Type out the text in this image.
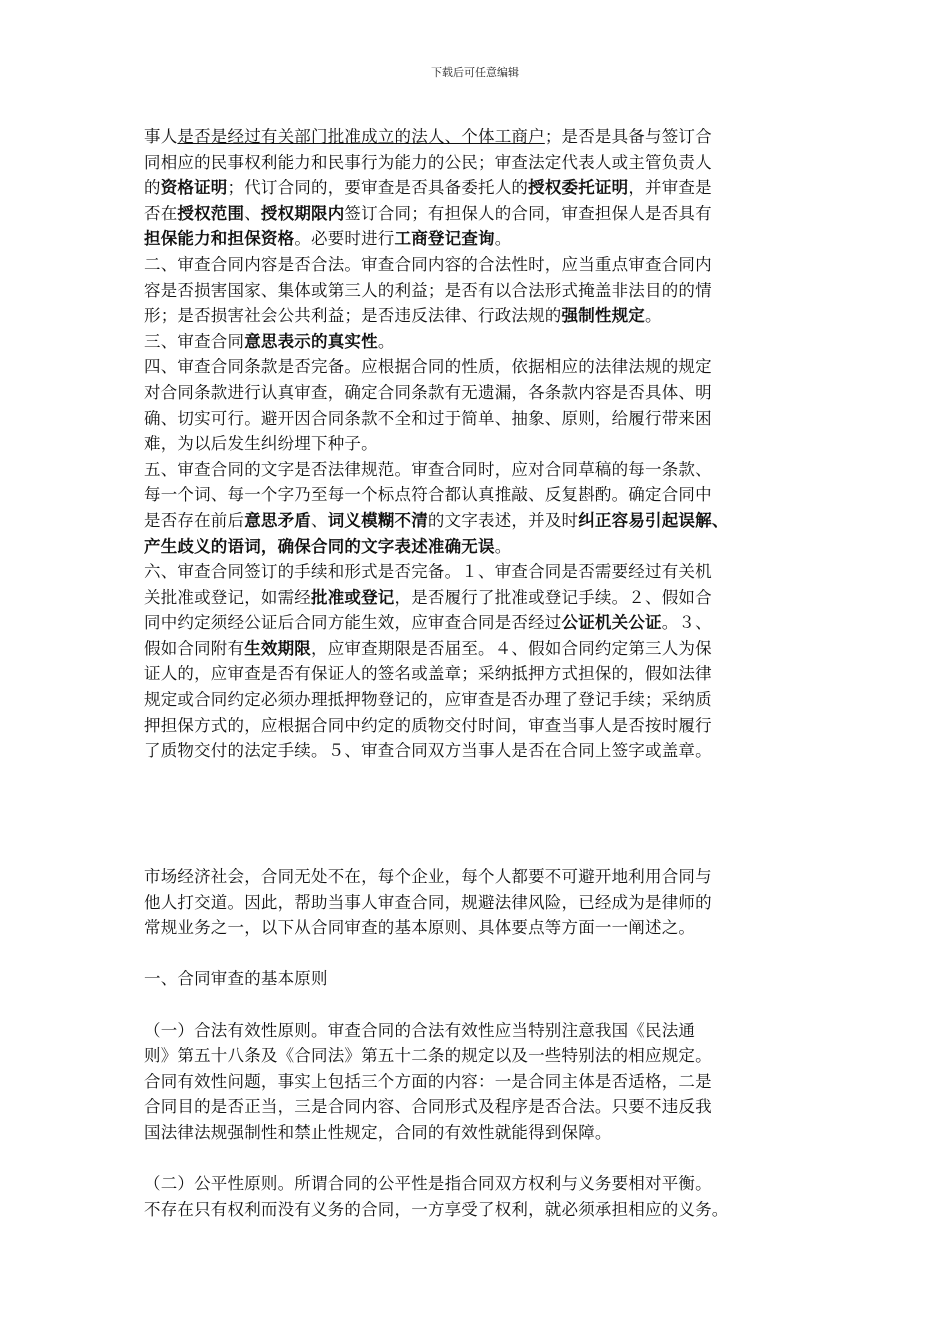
下载后可任意编辑

事人是否是经过有关部门批准成立的法人、个体工商户；是否是具备与签订合

同相应的民事权利能力和民事行为能力的公民；审查法定代表人或主管负责人

的资格证明；代订合同的，要审查是否具备委托人的授权委托证明，并审查是

否在授权范围、授权期限内签订合同；有担保人的合同，审查担保人是否具有

担保能力和担保资格。必要时进行工商登记查询。

二、审查合同内容是否合法。审查合同内容的合法性时，应当重点审查合同内

容是否损害国家、集体或第三人的利益；是否有以合法形式掩盖非法目的的情

形；是否损害社会公共利益；是否违反法律、行政法规的强制性规定。

三、审查合同意思表示的真实性。

四、审查合同条款是否完备。应根据合同的性质，依据相应的法律法规的规定

对合同条款进行认真审查，确定合同条款有无遗漏，各条款内容是否具体、明

确、切实可行。避开因合同条款不全和过于简单、抽象、原则，给履行带来困

难，为以后发生纠纷埋下种子。

五、审查合同的文字是否法律规范。审查合同时，应对合同草稿的每一条款、

每一个词、每一个字乃至每一个标点符合都认真推敲、反复斟酌。确定合同中

是否存在前后意思矛盾、词义模糊不清的文字表述，并及时纠正容易引起误解、

产生歧义的语词，确保合同的文字表述准确无误。

六、审查合同签订的手续和形式是否完备。１、审查合同是否需要经过有关机

关批准或登记，如需经批准或登记，是否履行了批准或登记手续。２、假如合

同中约定须经公证后合同方能生效，应审查合同是否经过公证机关公证。３、

假如合同附有生效期限，应审查期限是否届至。４、假如合同约定第三人为保

证人的，应审查是否有保证人的签名或盖章；采纳抵押方式担保的，假如法律

规定或合同约定必须办理抵押物登记的，应审查是否办理了登记手续；采纳质

押担保方式的，应根据合同中约定的质物交付时间，审查当事人是否按时履行

了质物交付的法定手续。５、审查合同双方当事人是否在合同上签字或盖章。

市场经济社会，合同无处不在，每个企业，每个人都要不可避开地利用合同与

他人打交道。因此，帮助当事人审查合同，规避法律风险，已经成为是律师的

常规业务之一，以下从合同审查的基本原则、具体要点等方面一一阐述之。

一、合同审查的基本原则

（一）合法有效性原则。审查合同的合法有效性应当特别注意我国《民法通

则》第五十八条及《合同法》第五十二条的规定以及一些特别法的相应规定。

合同有效性问题，事实上包括三个方面的内容：一是合同主体是否适格，二是

合同目的是否正当，三是合同内容、合同形式及程序是否合法。只要不违反我

国法律法规强制性和禁止性规定，合同的有效性就能得到保障。

（二）公平性原则。所谓合同的公平性是指合同双方权利与义务要相对平衡。

不存在只有权利而没有义务的合同，一方享受了权利，就必须承担相应的义务。
